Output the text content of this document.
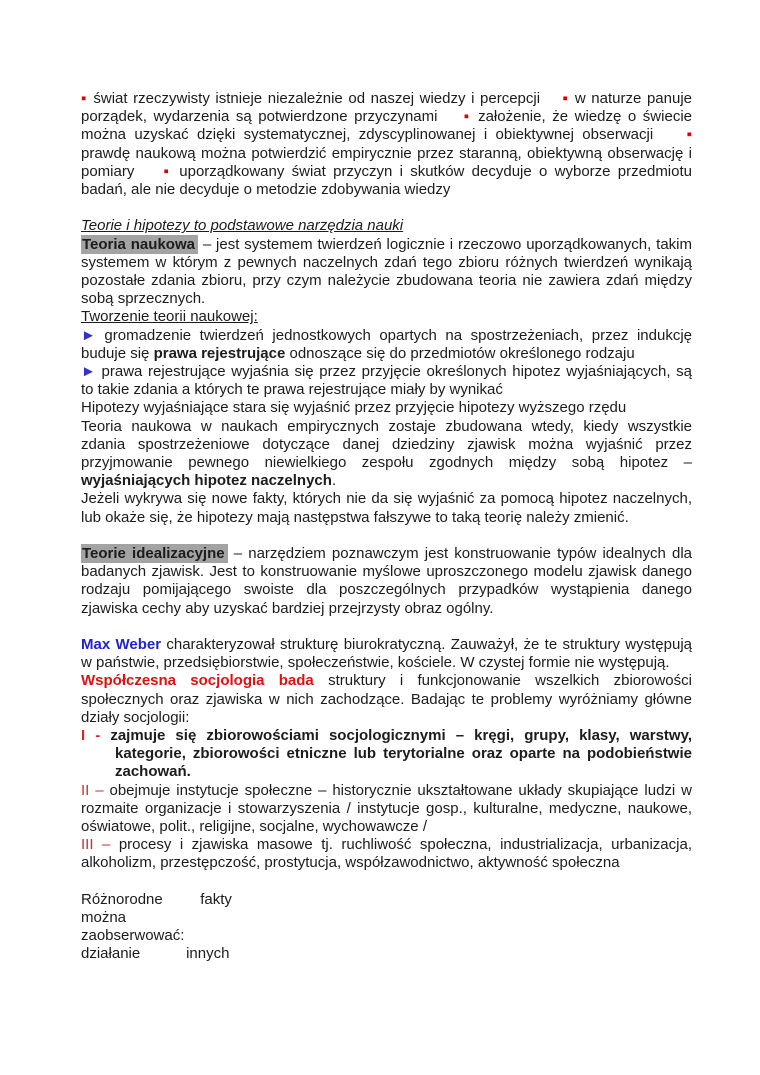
▪ świat rzeczywisty istnieje niezależnie od naszej wiedzy i percepcji ▪ w naturze panuje porządek, wydarzenia są potwierdzone przyczynami ▪ założenie, że wiedzę o świecie można uzyskać dzięki systematycznej, zdyscyplinowanej i obiektywnej obserwacji ▪ prawdę naukową można potwierdzić empirycznie przez staranną, obiektywną obserwację i pomiary ▪ uporządkowany świat przyczyn i skutków decyduje o wyborze przedmiotu badań, ale nie decyduje o metodzie zdobywania wiedzy

Teorie i hipotezy to podstawowe narzędzia nauki

Teoria naukowa – jest systemem twierdzeń logicznie i rzeczowo uporządkowanych, takim systemem w którym z pewnych naczelnych zdań tego zbioru różnych twierdzeń wynikają pozostałe zdania zbioru, przy czym należycie zbudowana teoria nie zawiera zdań między sobą sprzecznych.

Tworzenie teorii naukowej:

► gromadzenie twierdzeń jednostkowych opartych na spostrzeżeniach, przez indukcję buduje się prawa rejestrujące odnoszące się do przedmiotów określonego rodzaju

► prawa rejestrujące wyjaśnia się przez przyjęcie określonych hipotez wyjaśniających, są to takie zdania a których te prawa rejestrujące miały by wynikać

Hipotezy wyjaśniające stara się wyjaśnić przez przyjęcie hipotezy wyższego rzędu

Teoria naukowa w naukach empirycznych zostaje zbudowana wtedy, kiedy wszystkie zdania spostrzeżeniowe dotyczące danej dziedziny zjawisk można wyjaśnić przez przyjmowanie pewnego niewielkiego zespołu zgodnych między sobą hipotez – wyjaśniających hipotez naczelnych.

Jeżeli wykrywa się nowe fakty, których nie da się wyjaśnić za pomocą hipotez naczelnych, lub okaże się, że hipotezy mają następstwa fałszywe to taką teorię należy zmienić.

Teorie idealizacyjne – narzędziem poznawczym jest konstruowanie typów idealnych dla badanych zjawisk. Jest to konstruowanie myślowe uproszczonego modelu zjawisk danego rodzaju pomijającego swoiste dla poszczególnych przypadków wystąpienia danego zjawiska cechy aby uzyskać bardziej przejrzysty obraz ogólny.

Max Weber charakteryzował strukturę biurokratyczną. Zauważył, że te struktury występują w państwie, przedsiębiorstwie, społeczeństwie, kościele. W czystej formie nie występują.

Współczesna socjologia bada struktury i funkcjonowanie wszelkich zbiorowości społecznych oraz zjawiska w nich zachodzące. Badając te problemy wyróżniamy główne działy socjologii:

I - zajmuje się zbiorowościami socjologicznymi – kręgi, grupy, klasy, warstwy, kategorie, zbiorowości etniczne lub terytorialne oraz oparte na podobieństwie zachowań.

II – obejmuje instytucje społeczne – historycznie ukształtowane układy skupiające ludzi w rozmaite organizacje i stowarzyszenia / instytucje gosp., kulturalne, medyczne, naukowe, oświatowe, polit., religijne, socjalne, wychowawcze /

III – procesy i zjawiska masowe tj. ruchliwość społeczna, industrializacja, urbanizacja, alkoholizm, przestępczość, prostytucja, współzawodnictwo, aktywność społeczna

Różnorodne	fakty

można

zaobserwować:

działanie	innych
